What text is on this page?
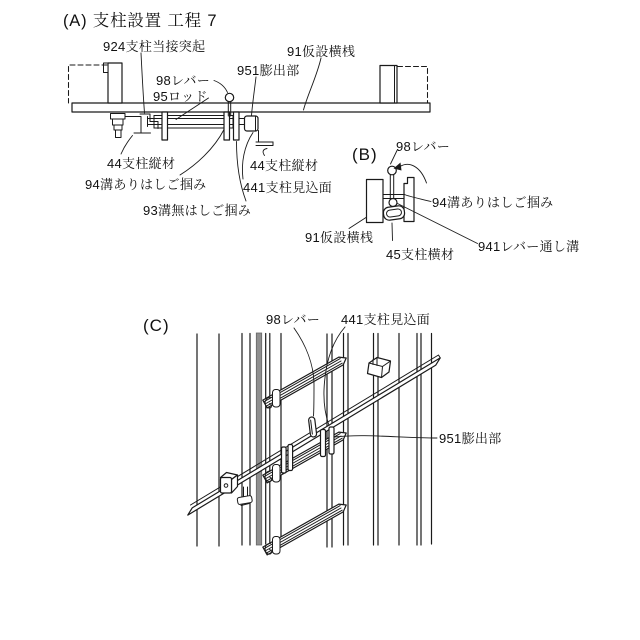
(A) 支柱設置 工程 7
924支柱当接突起	91仮設横桟
951膨出部
98レバー
95ロッド
44支柱縦材
94溝ありはしご掴み
93溝無はしご掴み
44支柱縦材
441支柱見込面
(B) 98レバー
94溝ありはしご掴み
91仮設横桟
45支柱横材
941レバー通し溝
(C)	98レバー 441支柱見込面
951膨出部
